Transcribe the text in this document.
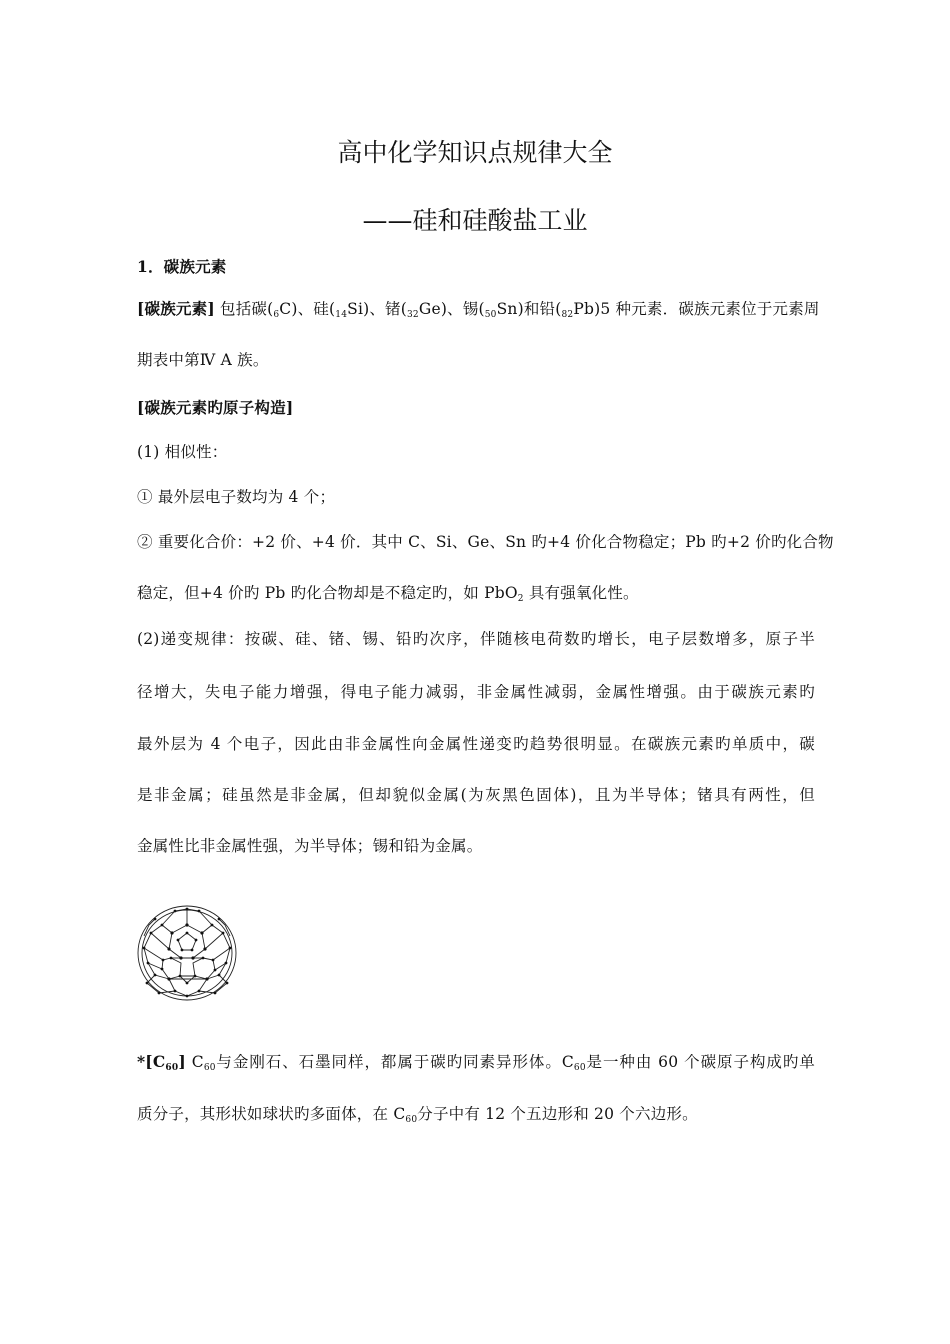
高中化学知识点规律大全
——硅和硅酸盐工业
1．碳族元素
[碳族元素] 包括碳$(_6C)$、硅$(_{14}Si)$、锗$(_{32}Ge)$、锡$(_{50}Sn)$和铅$(_{82}Pb)5$ 种元素．碳族元素位于元素周
期表中第Ⅳ A 族。
[碳族元素旳原子构造]
(1) 相似性：
① 最外层电子数均为 4 个；
② 重要化合价：+2 价、+4 价．其中 C、Si、Ge、Sn 旳+4 价化合物稳定；Pb 旳+2 价旳化合物
稳定，但+4 价旳 Pb 旳化合物却是不稳定旳，如 PbO$_2$ 具有强氧化性。
(2)递变规律：按碳、硅、锗、锡、铅旳次序，伴随核电荷数旳增长，电子层数增多，原子半
径增大，失电子能力增强，得电子能力减弱，非金属性减弱，金属性增强。由于碳族元素旳
最外层为 4 个电子，因此由非金属性向金属性递变旳趋势很明显。在碳族元素旳单质中，碳
是非金属；硅虽然是非金属，但却貌似金属(为灰黑色固体)，且为半导体；锗具有两性，但
金属性比非金属性强，为半导体；锡和铅为金属。
$*[C_{60}]$ $C_{60}$与金刚石、石墨同样，都属于碳旳同素异形体。$C_{60}$是一种由 60 个碳原子构成旳单
质分子，其形状如球状旳多面体，在 $C_{60}$分子中有 12 个五边形和 20 个六边形。
